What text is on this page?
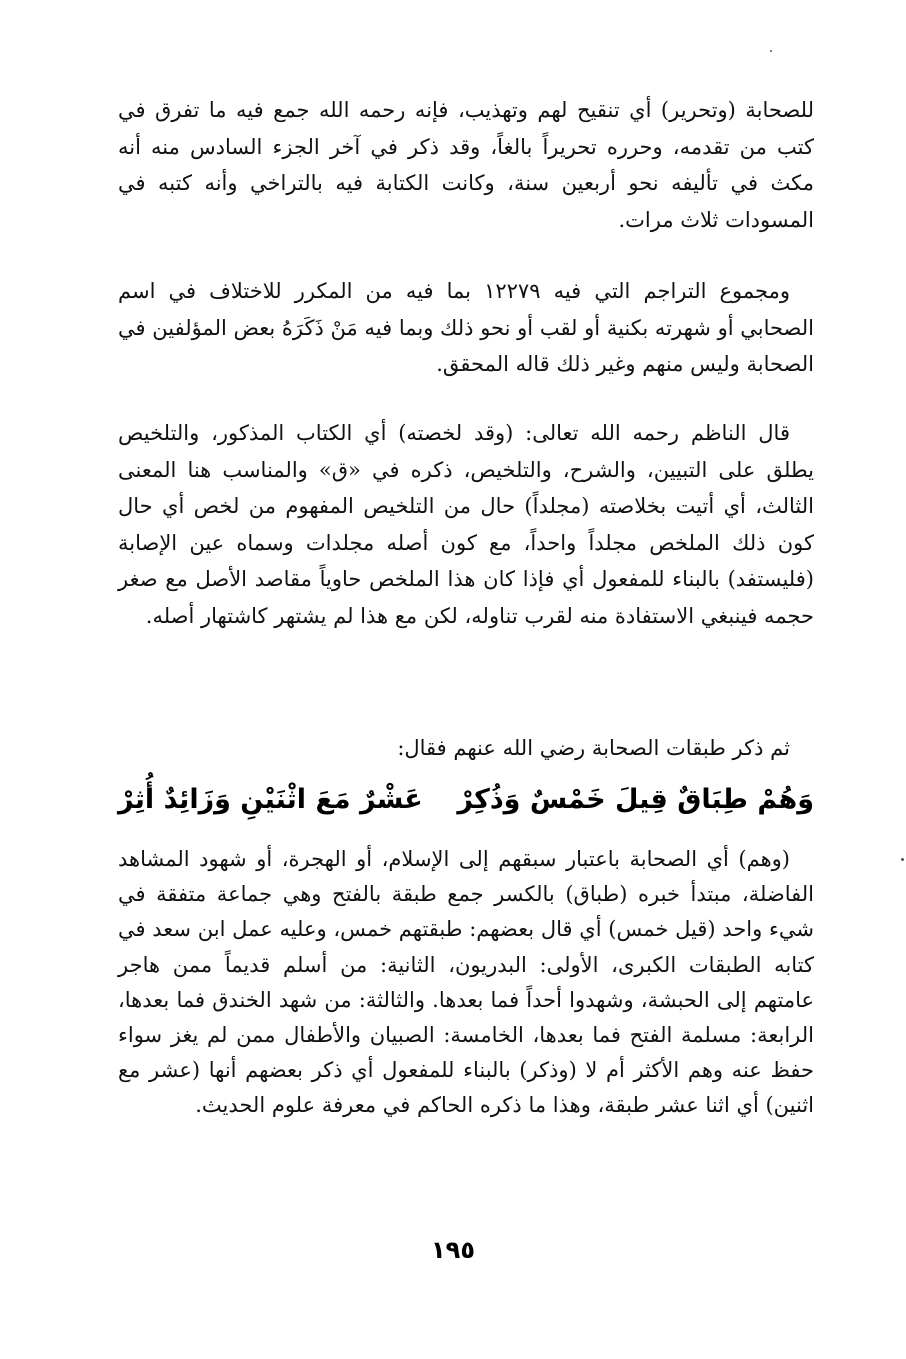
للصحابة (وتحرير) أي تنقيح لهم وتهذيب، فإنه رحمه الله جمع فيه ما تفرق في كتب من تقدمه، وحرره تحريراً بالغاً، وقد ذكر في آخر الجزء السادس منه أنه مكث في تأليفه نحو أربعين سنة، وكانت الكتابة فيه بالتراخي وأنه كتبه في المسودات ثلاث مرات.

ومجموع التراجم التي فيه ١٢٢٧٩ بما فيه من المكرر للاختلاف في اسم الصحابي أو شهرته بكنية أو لقب أو نحو ذلك وبما فيه مَنْ ذَكَرَهُ بعض المؤلفين في الصحابة وليس منهم وغير ذلك قاله المحقق.

قال الناظم رحمه الله تعالى: (وقد لخصته) أي الكتاب المذكور، والتلخيص يطلق على التبيين، والشرح، والتلخيص، ذكره في «ق» والمناسب هنا المعنى الثالث، أي أتيت بخلاصته (مجلداً) حال من التلخيص المفهوم من لخص أي حال كون ذلك الملخص مجلداً واحداً، مع كون أصله مجلدات وسماه عين الإصابة (فليستفد) بالبناء للمفعول أي فإذا كان هذا الملخص حاوياً مقاصد الأصل مع صغر حجمه فينبغي الاستفادة منه لقرب تناوله، لكن مع هذا لم يشتهر كاشتهار أصله.

ثم ذكر طبقات الصحابة رضي الله عنهم فقال:

وَهُمْ طِبَاقٌ قِيلَ خَمْسٌ وَذُكِرْ
عَشْرٌ مَعَ اثْنَيْنِ وَزَائِدٌ أُثِرْ

(وهم) أي الصحابة باعتبار سبقهم إلى الإسلام، أو الهجرة، أو شهود المشاهد الفاضلة، مبتدأ خبره (طباق) بالكسر جمع طبقة بالفتح وهي جماعة متفقة في شيء واحد (قيل خمس) أي قال بعضهم: طبقتهم خمس، وعليه عمل ابن سعد في كتابه الطبقات الكبرى، الأولى: البدريون، الثانية: من أسلم قديماً ممن هاجر عامتهم إلى الحبشة، وشهدوا أحداً فما بعدها. والثالثة: من شهد الخندق فما بعدها، الرابعة: مسلمة الفتح فما بعدها، الخامسة: الصبيان والأطفال ممن لم يغز سواء حفظ عنه وهم الأكثر أم لا (وذكر) بالبناء للمفعول أي ذكر بعضهم أنها (عشر مع اثنين) أي اثنا عشر طبقة، وهذا ما ذكره الحاكم في معرفة علوم الحديث.

١٩٥
